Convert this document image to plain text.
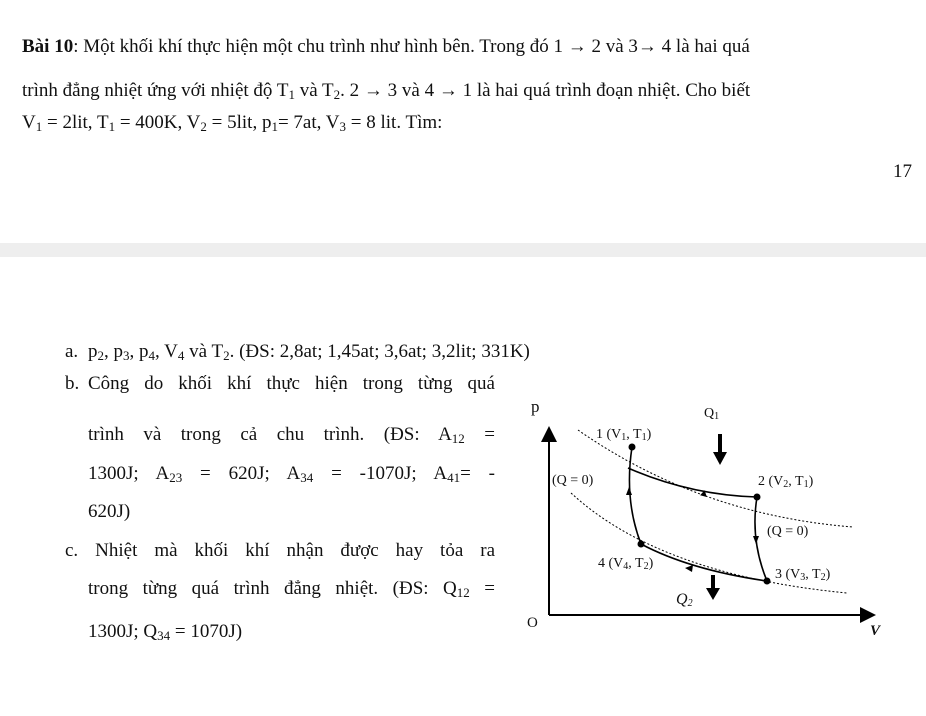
Bài 10: Một khối khí thực hiện một chu trình như hình bên. Trong đó 1 → 2 và 3→ 4 là hai quá
trình đẳng nhiệt ứng với nhiệt độ $T_1$ và $T_2$. 2 → 3 và 4 → 1 là hai quá trình đoạn nhiệt. Cho biết
$V_1 = 2lit$, $T_1 = 400K$, $V_2 = 5lit$, $p_1= 7at$, $V_3 = 8$ lit. Tìm:
17
a. $p_2$, $p_3$, $p_4$, $V_4$ và $T_2$. (ĐS: 2,8at; 1,45at; 3,6at; 3,2lit; 331K)
b. Công do khối khí thực hiện trong từng quá
trình và trong cả chu trình. (ĐS: $A_{12}$ =
1300J; $A_{23} = 620J$; $A_{34} = -1070J$; $A_{41}=$ -
620J)
c. Nhiệt mà khối khí nhận được hay tỏa ra
trong từng quá trình đẳng nhiệt. (ĐS: $Q_{12}$ =
1300J; $Q_{34} = 1070J$)
p
V
O
$Q_1$
$Q_2$
1 ($V_1$, $T_1$)
2 ($V_2$, $T_1$)
3 ($V_3$, $T_2$)
4 ($V_4$, $T_2$)
(Q = 0)
(Q = 0)
